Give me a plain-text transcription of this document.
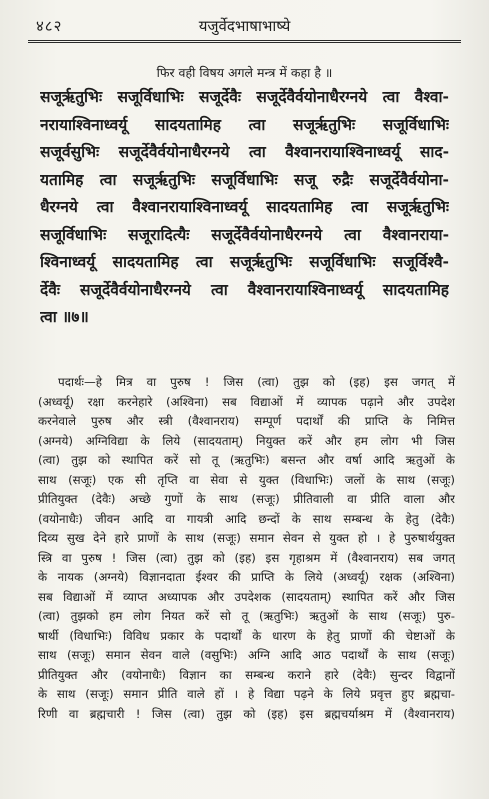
४८२	यजुर्वेदभाषाभाष्ये
फिर वही विषय अगले मन्त्र में कहा है ॥
सजूर्ऋतुभिः सजूर्विधाभिः सजूर्देवैः सजूर्देवैर्वयोनाधैरग्नये त्वा वैश्वा-
नरायाश्विनाध्वर्यू सादयतामिह त्वा सजूर्ऋतुभिः सजूर्विधाभिः
सजूर्वसुभिः सजूर्देवैर्वयोनाधैरग्नये त्वा वैश्वानरायाश्विनाध्वर्यू साद-
यतामिह त्वा सजूर्ऋतुभिः सजूर्विधाभिः सजू रुद्रैः सजूर्देवैर्वयोना-
धैरग्नये त्वा वैश्वानरायाश्विनाध्वर्यू सादयतामिह त्वा सजूर्ऋतुभिः
सजूर्विधाभिः सजूरादित्यैः सजूर्देवैर्वयोनाधैरग्नये त्वा वैश्वानराया-
श्विनाध्वर्यू सादयतामिह त्वा सजूर्ऋतुभिः सजूर्विधाभिः सजूर्विश्वै-
र्देवैः सजूर्देवैर्वयोनाधैरग्नये त्वा वैश्वानरायाश्विनाध्वर्यू सादयतामिह
त्वा ॥७॥
पदार्थः—हे मित्र वा पुरुष ! जिस (त्वा) तुझ को (इह) इस जगत् में
(अध्वर्यू) रक्षा करनेहारे (अश्विना) सब विद्याओं में व्यापक पढ़ाने और उपदेश
करनेवाले पुरुष और स्त्री (वैश्वानराय) सम्पूर्ण पदार्थों की प्राप्ति के निमित्त
(अग्नये) अग्निविद्या के लिये (सादयताम्) नियुक्त करें और हम लोग भी जिस
(त्वा) तुझ को स्थापित करें सो तू (ऋतुभिः) बसन्त और वर्षा आदि ऋतुओं के
साथ (सजूः) एक सी तृप्ति वा सेवा से युक्त (विधाभिः) जलों के साथ (सजूः)
प्रीतियुक्त (देवैः) अच्छे गुणों के साथ (सजूः) प्रीतिवाली वा प्रीति वाला और
(वयोनाधैः) जीवन आदि वा गायत्री आदि छन्दों के साथ सम्बन्ध के हेतु (देवैः)
दिव्य सुख देने हारे प्राणों के साथ (सजूः) समान सेवन से युक्त हो । हे पुरुषार्थयुक्त
स्त्रि वा पुरुष ! जिस (त्वा) तुझ को (इह) इस गृहाश्रम में (वैश्वानराय) सब जगत्
के नायक (अग्नये) विज्ञानदाता ईश्वर की प्राप्ति के लिये (अध्वर्यू) रक्षक (अश्विना)
सब विद्याओं में व्याप्त अध्यापक और उपदेशक (सादयताम्) स्थापित करें और जिस
(त्वा) तुझको हम लोग नियत करें सो तू (ऋतुभिः) ऋतुओं के साथ (सजूः) पुरु-
षार्थी (विधाभिः) विविध प्रकार के पदार्थों के धारण के हेतु प्राणों की चेष्टाओं के
साथ (सजूः) समान सेवन वाले (वसुभिः) अग्नि आदि आठ पदार्थों के साथ (सजूः)
प्रीतियुक्त और (वयोनाधैः) विज्ञान का सम्बन्ध कराने हारे (देवैः) सुन्दर विद्वानों
के साथ (सजूः) समान प्रीति वाले हों । हे विद्या पढ़ने के लिये प्रवृत्त हुए ब्रह्मचा-
रिणी वा ब्रह्मचारी ! जिस (त्वा) तुझ को (इह) इस ब्रह्मचर्याश्रम में (वैश्वानराय)
